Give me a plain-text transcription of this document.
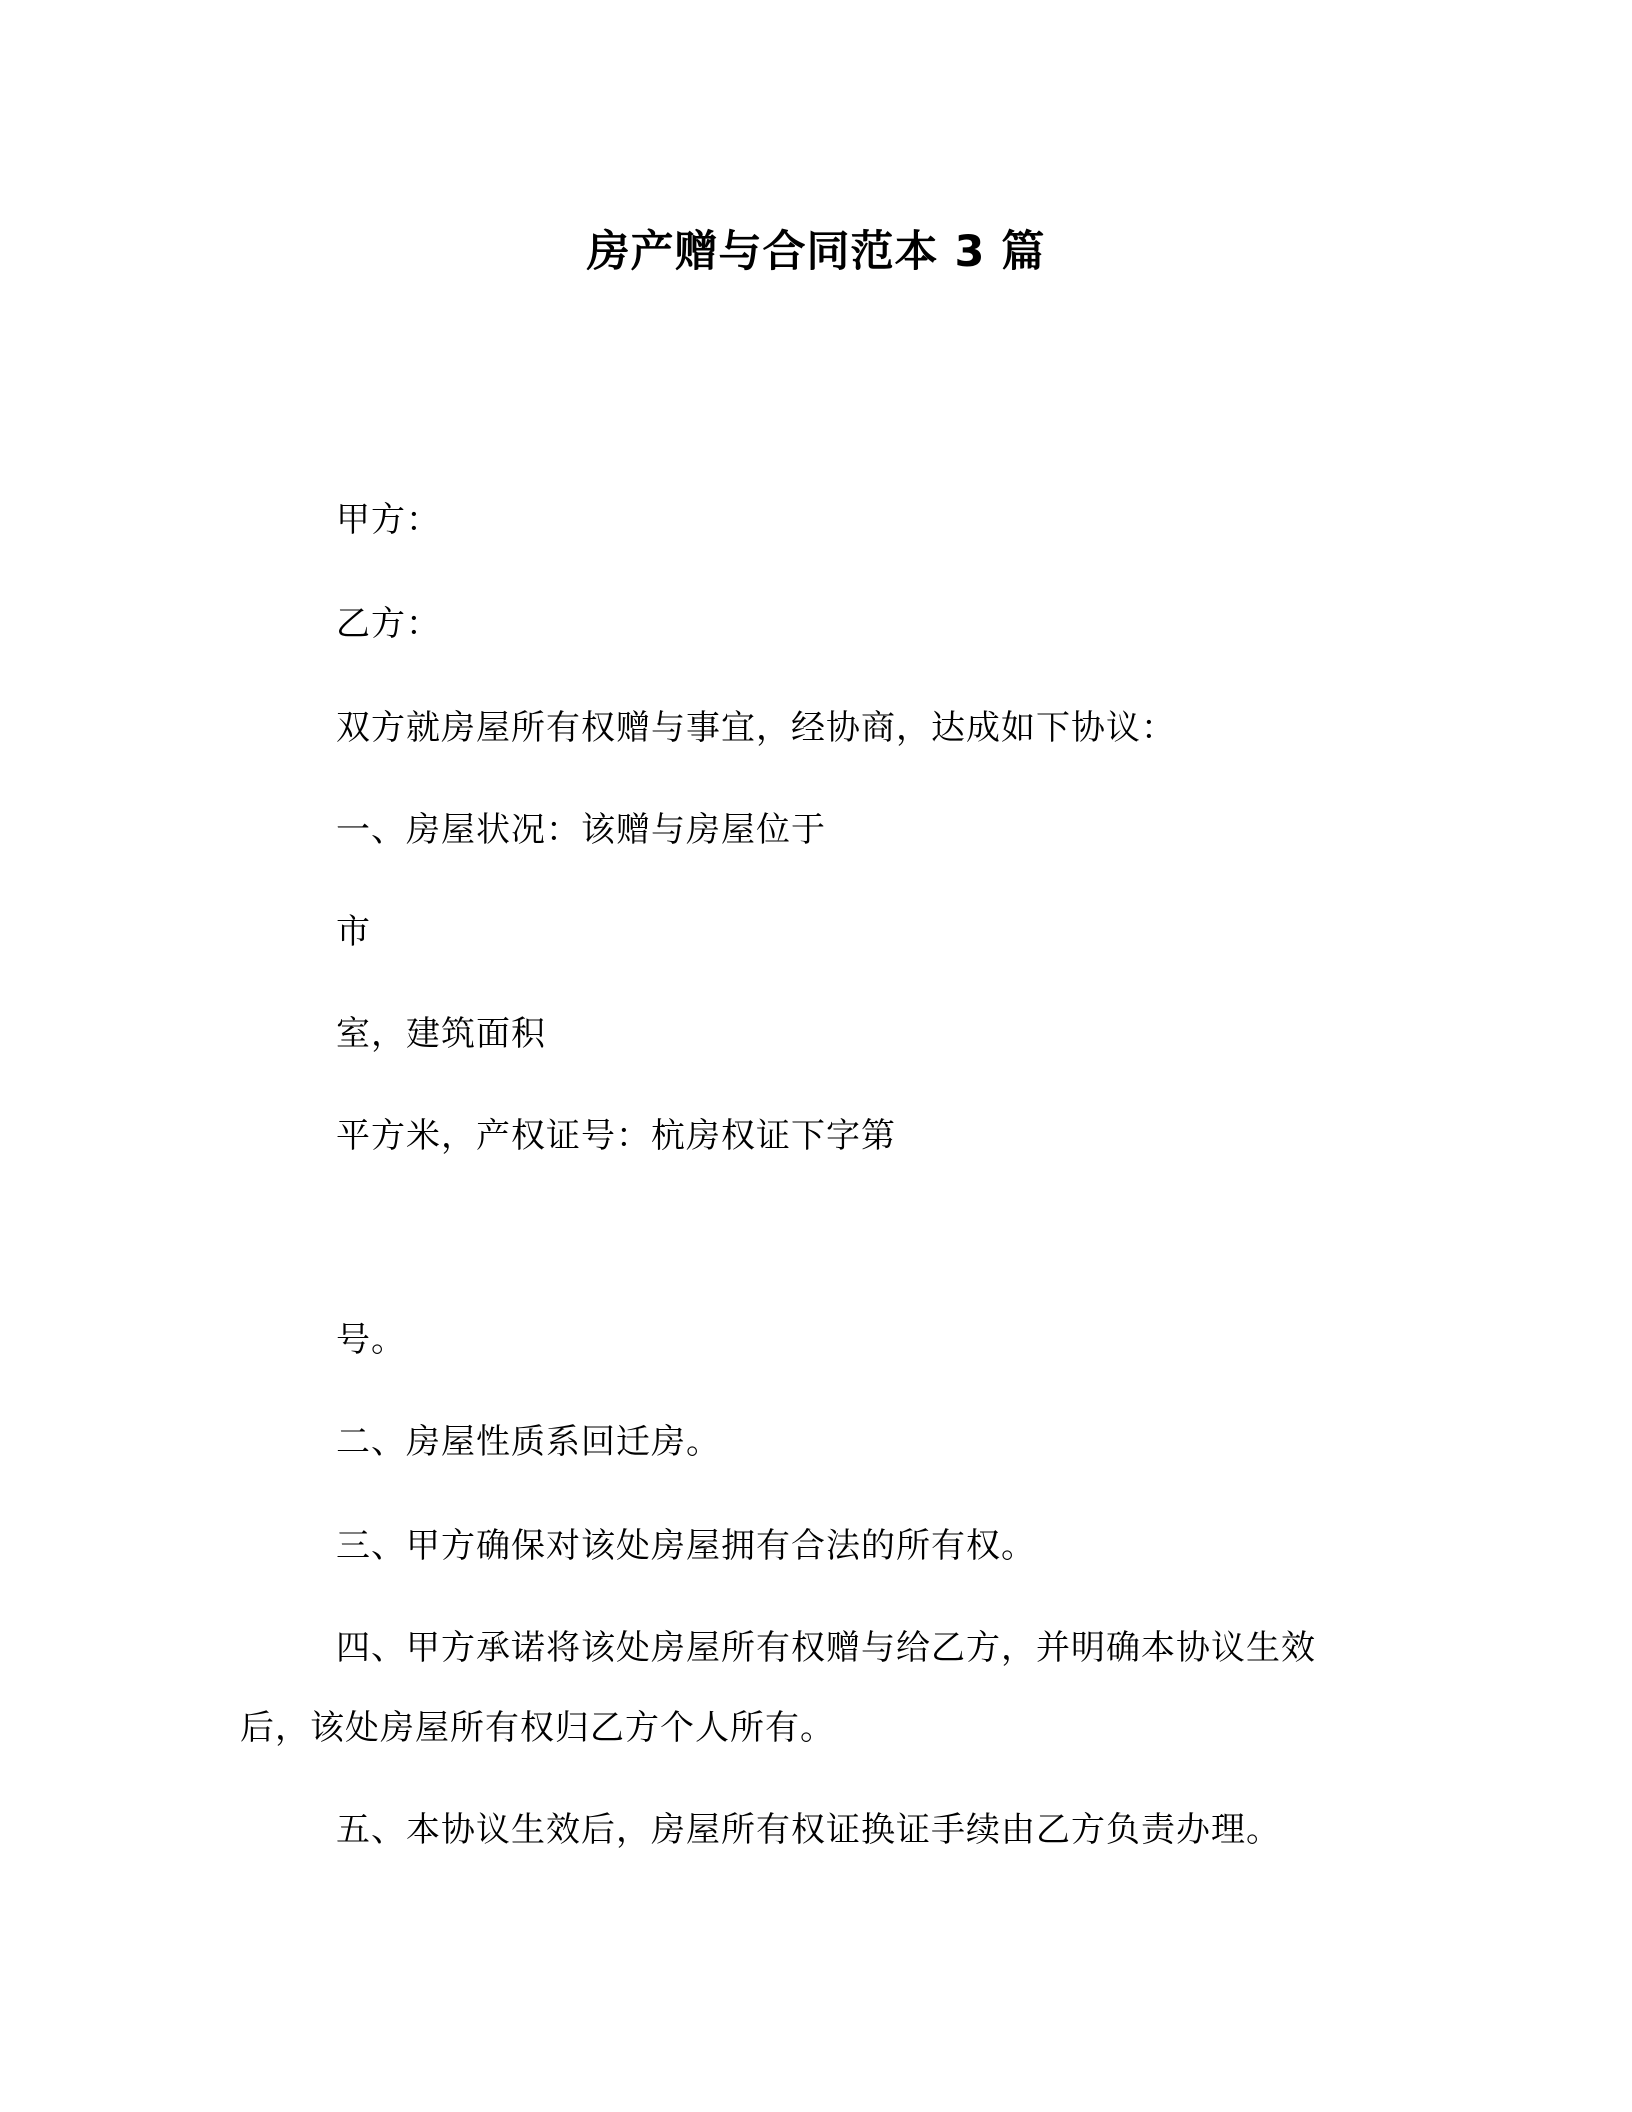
房产赠与合同范本 3 篇
甲方：
乙方：
双方就房屋所有权赠与事宜，经协商，达成如下协议：
一、房屋状况：该赠与房屋位于
市
室，建筑面积
平方米，产权证号：杭房权证下字第
号。
二、房屋性质系回迁房。
三、甲方确保对该处房屋拥有合法的所有权。
四、甲方承诺将该处房屋所有权赠与给乙方，并明确本协议生效
后，该处房屋所有权归乙方个人所有。
五、本协议生效后，房屋所有权证换证手续由乙方负责办理。
